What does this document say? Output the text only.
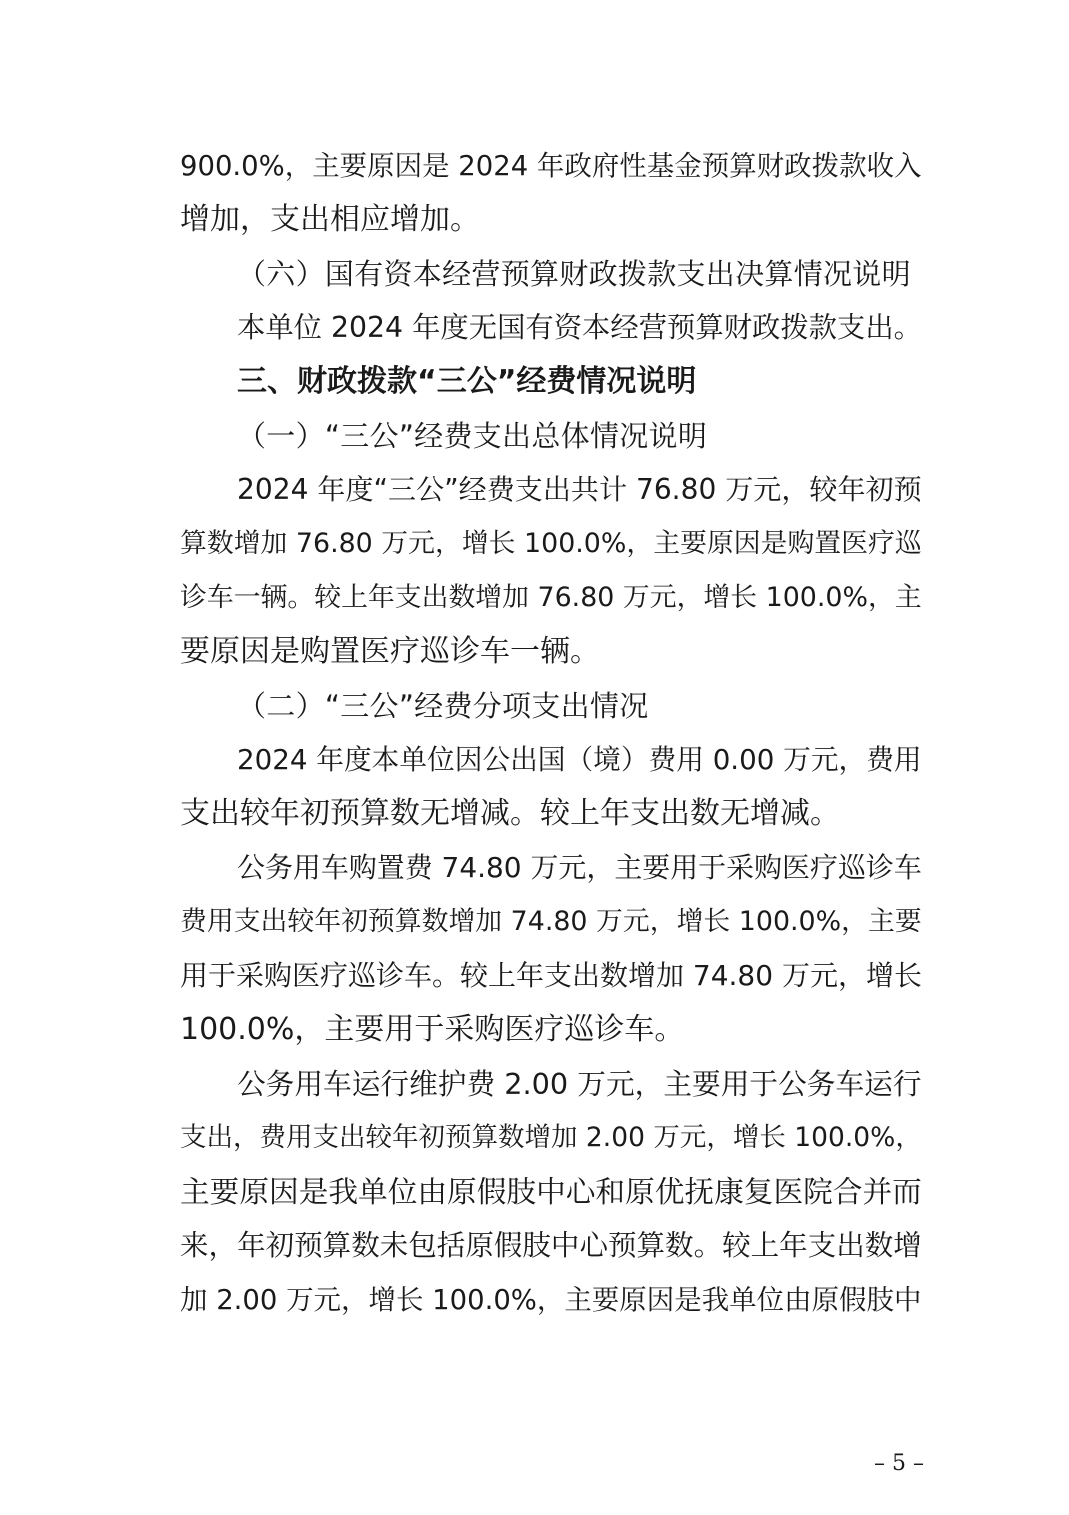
900.0%，主要原因是 2024 年政府性基金预算财政拨款收入
增加，支出相应增加。
（六）国有资本经营预算财政拨款支出决算情况说明
本单位 2024 年度无国有资本经营预算财政拨款支出。
三、财政拨款“三公”经费情况说明
（一）“三公”经费支出总体情况说明
2024 年度“三公”经费支出共计 76.80 万元，较年初预
算数增加 76.80 万元，增长 100.0%，主要原因是购置医疗巡
诊车一辆。较上年支出数增加 76.80 万元，增长 100.0%，主
要原因是购置医疗巡诊车一辆。
（二）“三公”经费分项支出情况
2024 年度本单位因公出国（境）费用 0.00 万元，费用
支出较年初预算数无增减。较上年支出数无增减。
公务用车购置费 74.80 万元，主要用于采购医疗巡诊车
费用支出较年初预算数增加 74.80 万元，增长 100.0%，主要
用于采购医疗巡诊车。较上年支出数增加 74.80 万元，增长
100.0%，主要用于采购医疗巡诊车。
公务用车运行维护费 2.00 万元，主要用于公务车运行
支出，费用支出较年初预算数增加 2.00 万元，增长 100.0%，
主要原因是我单位由原假肢中心和原优抚康复医院合并而
来，年初预算数未包括原假肢中心预算数。较上年支出数增
加 2.00 万元，增长 100.0%，主要原因是我单位由原假肢中
– 5 –
